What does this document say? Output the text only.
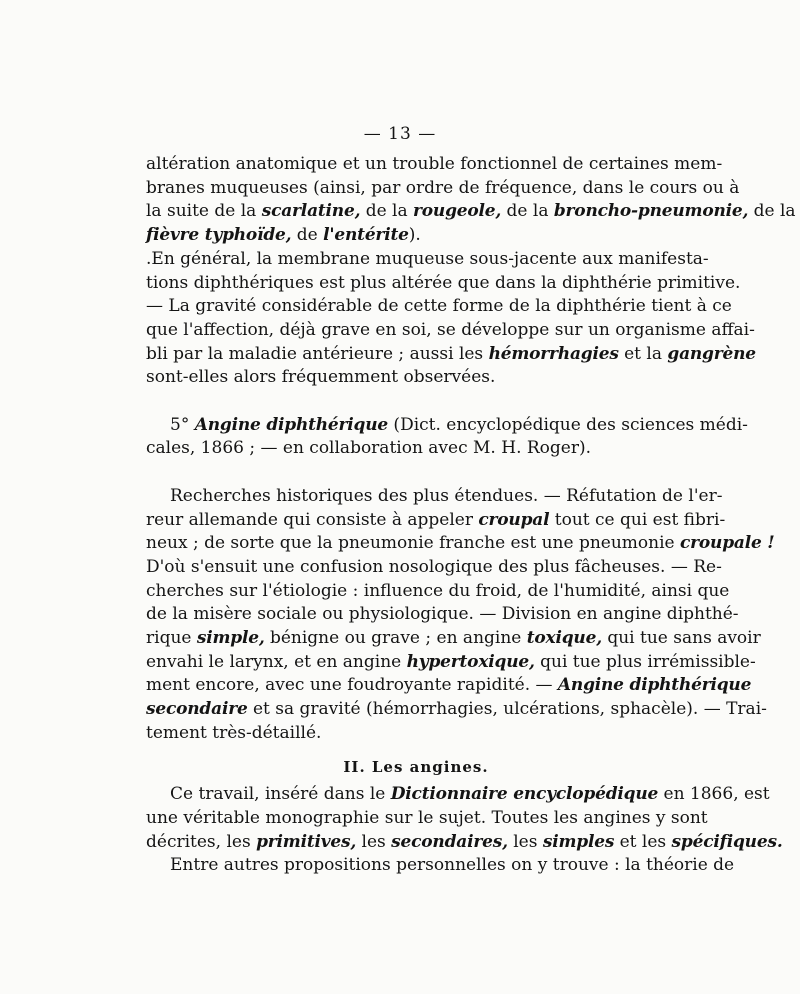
— 13 —
altération anatomique et un trouble fonctionnel de certaines mem-
branes muqueuses (ainsi, par ordre de fréquence, dans le cours ou à
la suite de la scarlatine, de la rougeole, de la broncho-pneumonie, de la
fièvre typhoïde, de l'entérite).
.En général, la membrane muqueuse sous-jacente aux manifesta-
tions diphthériques est plus altérée que dans la diphthérie primitive.
— La gravité considérable de cette forme de la diphthérie tient à ce
que l'affection, déjà grave en soi, se développe sur un organisme affai-
bli par la maladie antérieure ; aussi les hémorrhagies et la gangrène
sont-elles alors fréquemment observées.
5° Angine diphthérique (Dict. encyclopédique des sciences médi-
cales, 1866 ; — en collaboration avec M. H. Roger).
Recherches historiques des plus étendues. — Réfutation de l'er-
reur allemande qui consiste à appeler croupal tout ce qui est fibri-
neux ; de sorte que la pneumonie franche est une pneumonie croupale !
D'où s'ensuit une confusion nosologique des plus fâcheuses. — Re-
cherches sur l'étiologie : influence du froid, de l'humidité, ainsi que
de la misère sociale ou physiologique. — Division en angine diphthé-
rique simple, bénigne ou grave ; en angine toxique, qui tue sans avoir
envahi le larynx, et en angine hypertoxique, qui tue plus irrémissible-
ment encore, avec une foudroyante rapidité. — Angine diphthérique
secondaire et sa gravité (hémorrhagies, ulcérations, sphacèle). — Trai-
tement très-détaillé.
II. Les angines.
Ce travail, inséré dans le Dictionnaire encyclopédique en 1866, est
une véritable monographie sur le sujet. Toutes les angines y sont
décrites, les primitives, les secondaires, les simples et les spécifiques.
Entre autres propositions personnelles on y trouve : la théorie de
